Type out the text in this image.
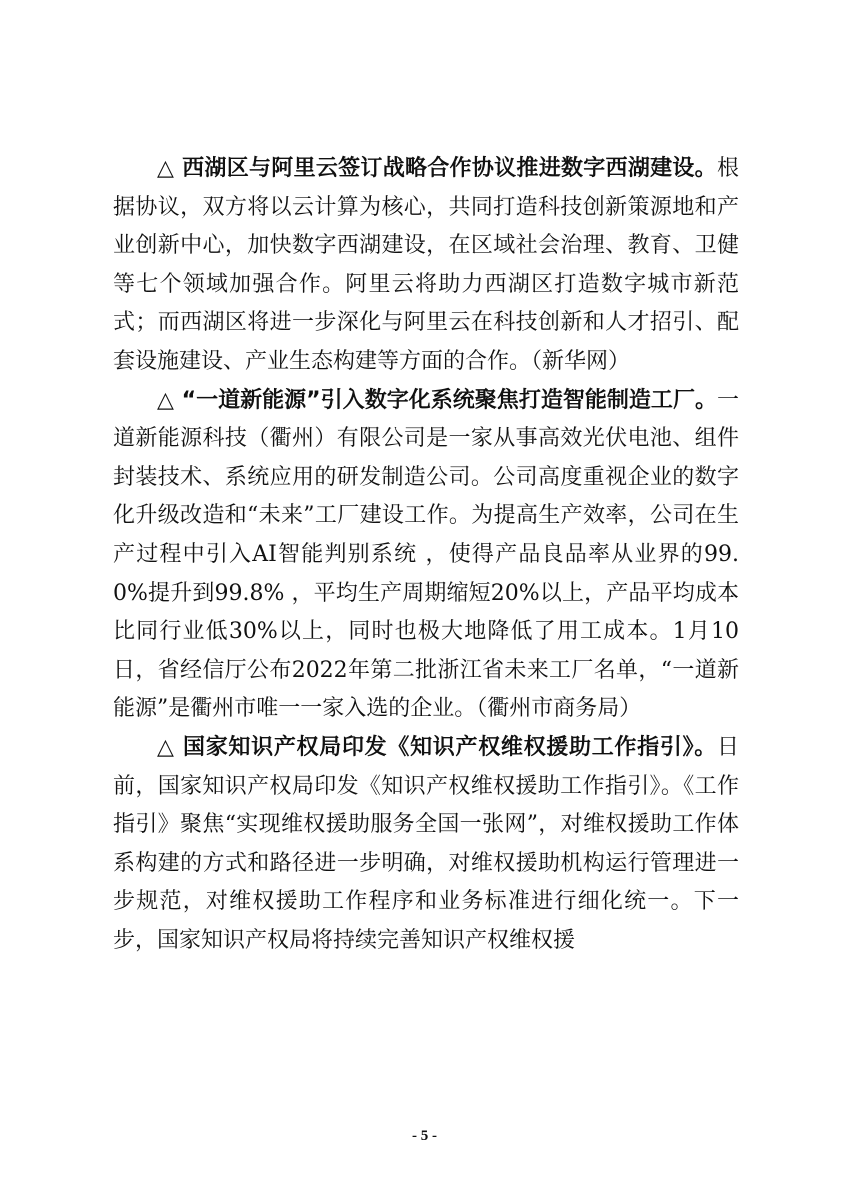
△ 西湖区与阿里云签订战略合作协议推进数字西湖建设。根据协议，双方将以云计算为核心，共同打造科技创新策源地和产业创新中心，加快数字西湖建设，在区域社会治理、教育、卫健等七个领域加强合作。阿里云将助力西湖区打造数字城市新范式；而西湖区将进一步深化与阿里云在科技创新和人才招引、配套设施建设、产业生态构建等方面的合作。（新华网）

△ “一道新能源”引入数字化系统聚焦打造智能制造工厂。一道新能源科技（衢州）有限公司是一家从事高效光伏电池、组件封装技术、系统应用的研发制造公司。公司高度重视企业的数字化升级改造和“未来”工厂建设工作。为提高生产效率，公司在生产过程中引入AI智能判别系统 ，使得产品良品率从业界的99.0%提升到99.8% ，平均生产周期缩短20%以上，产品平均成本比同行业低30%以上，同时也极大地降低了用工成本。1月10日，省经信厅公布2022年第二批浙江省未来工厂名单，“一道新能源”是衢州市唯一一家入选的企业。（衢州市商务局）

△ 国家知识产权局印发《知识产权维权援助工作指引》。日前，国家知识产权局印发《知识产权维权援助工作指引》。《工作指引》聚焦“实现维权援助服务全国一张网”，对维权援助工作体系构建的方式和路径进一步明确，对维权援助机构运行管理进一步规范，对维权援助工作程序和业务标准进行细化统一。下一步，国家知识产权局将持续完善知识产权维权援

- 5 -
